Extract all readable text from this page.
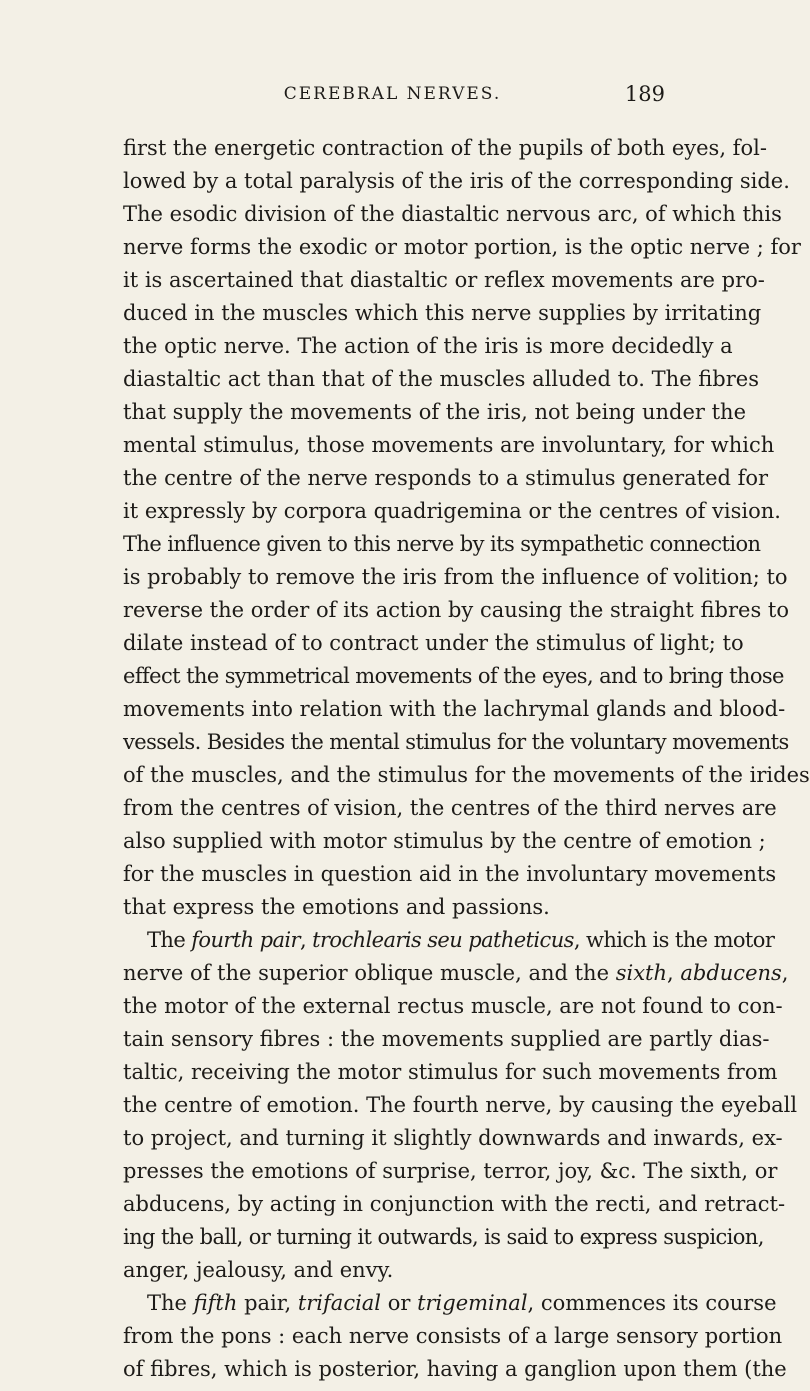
CEREBRAL NERVES.	189
first the energetic contraction of the pupils of both eyes, fol-
lowed by a total paralysis of the iris of the corresponding side.
The esodic division of the diastaltic nervous arc, of which this
nerve forms the exodic or motor portion, is the optic nerve ; for
it is ascertained that diastaltic or reflex movements are pro-
duced in the muscles which this nerve supplies by irritating
the optic nerve. The action of the iris is more decidedly a
diastaltic act than that of the muscles alluded to. The fibres
that supply the movements of the iris, not being under the
mental stimulus, those movements are involuntary, for which
the centre of the nerve responds to a stimulus generated for
it expressly by corpora quadrigemina or the centres of vision.
The influence given to this nerve by its sympathetic connection
is probably to remove the iris from the influence of volition; to
reverse the order of its action by causing the straight fibres to
dilate instead of to contract under the stimulus of light; to
effect the symmetrical movements of the eyes, and to bring those
movements into relation with the lachrymal glands and blood-
vessels. Besides the mental stimulus for the voluntary movements
of the muscles, and the stimulus for the movements of the irides
from the centres of vision, the centres of the third nerves are
also supplied with motor stimulus by the centre of emotion ;
for the muscles in question aid in the involuntary movements
that express the emotions and passions.
The fourth pair, trochlearis seu patheticus, which is the motor
nerve of the superior oblique muscle, and the sixth, abducens,
the motor of the external rectus muscle, are not found to con-
tain sensory fibres : the movements supplied are partly dias-
taltic, receiving the motor stimulus for such movements from
the centre of emotion. The fourth nerve, by causing the eyeball
to project, and turning it slightly downwards and inwards, ex-
presses the emotions of surprise, terror, joy, &c. The sixth, or
abducens, by acting in conjunction with the recti, and retract-
ing the ball, or turning it outwards, is said to express suspicion,
anger, jealousy, and envy.
The fifth pair, trifacial or trigeminal, commences its course
from the pons : each nerve consists of a large sensory portion
of fibres, which is posterior, having a ganglion upon them (the
